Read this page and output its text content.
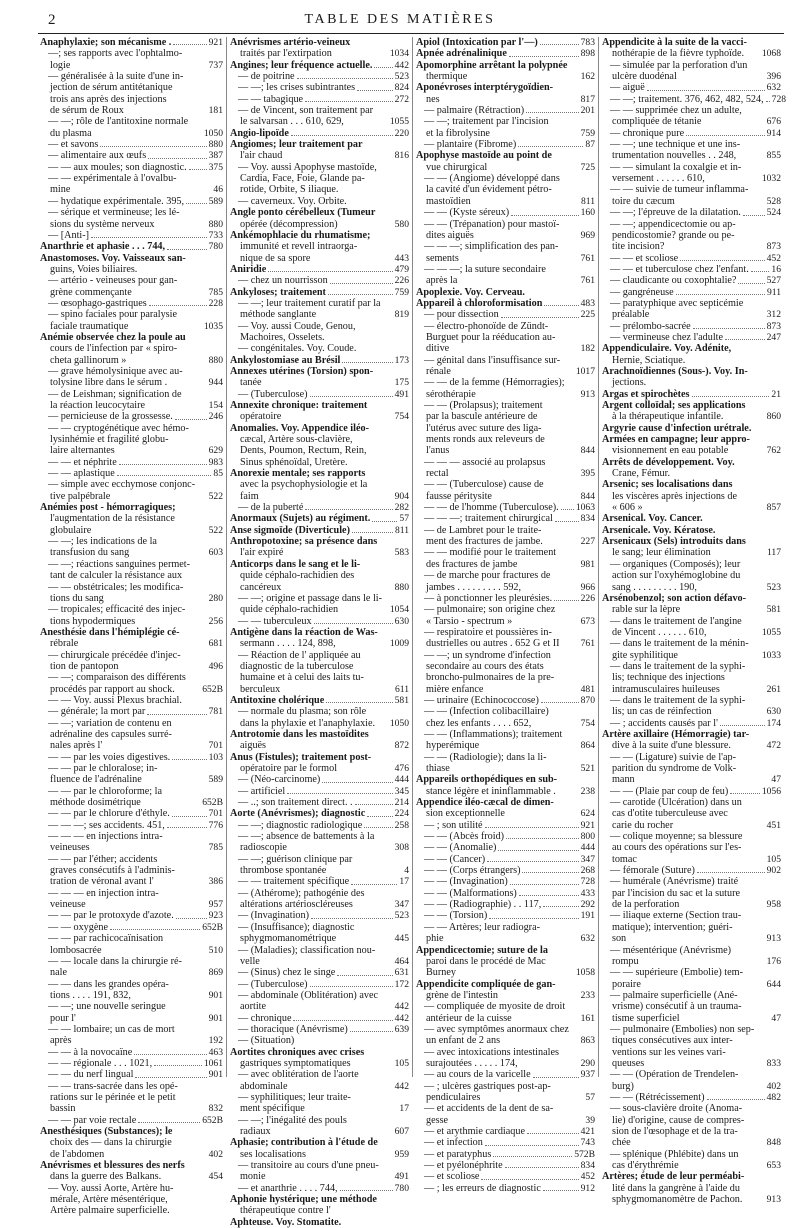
2	TABLE DES MATIÈRES
Anaphylaxie; son mécanisme .	921
—; ses rapports avec l'ophtalmo-
logie	737
— généralisée à la suite d'une in-
jection de sérum antitétanique
trois ans après des injections
de sérum de Roux	181
— —; rôle de l'antitoxine normale
du plasma	1050
— et savons	880
— alimentaire aux œufs	387
— — aux moules; son diagnostic. 375
— — expérimentale à l'ovalbu-
mine	46
— hydatique expérimentale. 395,	589
— sérique et vermineuse; les lé-
sions du système nerveux	880
— [Anti-]	733
Anarthrie et aphasie . . . 744,	780
Anastomoses. Voy. Vaisseaux san-
guins, Voies biliaires.
— artério - veineuses pour gan-
grène commençante	785
— œsophago-gastriques	228
— spino faciales pour paralysie
faciale traumatique	1035
Anémie observée chez la poule au
cours de l'infection par « spiro-
cheta gallinorum »	880
— grave hémolysinique avec au-
tolysine libre dans le sérum .	944
— de Leishman; signification de
la réaction leucocytaire	154
— pernicieuse de la grossesse.	246
— — cryptogénétique avec hémo-
lysinhémie et fragilité globu-
laire alternantes	629
— — et néphrite	983
— — aplastique	85
— simple avec ecchymose conjonc-
tive palpébrale	522
Anémies post - hémorragiques;
l'augmentation de la résistance
globulaire	522
— —; les indications de la
transfusion du sang	603
— —; réactions sanguines permet-
tant de calculer la résistance aux
— — obstétricales; les modifica-
tions du sang	280
— tropicales; efficacité des injec-
tions hypodermiques	256
Anesthésie dans l'hémiplégie cé-
rébrale	681
— chirurgicale précédée d'injec-
tion de pantopon	496
— —; comparaison des différents
procédés par rapport au shock.	652B
— — Voy. aussi Plexus brachial.
— générale; la mort par	781
— —; variation de contenu en
adrénaline des capsules surré-
nales après l'	701
— — par les voies digestives.	103
— — par le chloralose; in-
fluence de l'adrénaline	589
— — par le chloroforme; la
méthode dosimétrique	652B
— — par le chlorure d'éthyle.	701
— — —; ses accidents. 451,	776
— — — en injections intra-
veineuses	785
— — par l'éther; accidents
graves consécutifs à l'adminis-
tration de véronal avant l'	386
— — — en injection intra-
veineuse	957
— — par le protoxyde d'azote.	923
— — oxygène	652B
— — par rachicocaïnisation
lombosacrée	510
— — locale dans la chirurgie ré-
nale	869
— — dans les grandes opéra-
tions . . . . 191, 832,	901
— —; une nouvelle seringue
pour l'	901
— — lombaire; un cas de mort
après	192
— — à la novocaïne	463
— — régionale . . . 1021,	1061
— — du nerf lingual	901
— — trans-sacrée dans les opé-
rations sur le périnée et le petit
bassin	832
— — par voie rectale	652B
Anesthésiques (Substances); le
choix des — dans la chirurgie
de l'abdomen	402
Anévrismes et blessures des nerfs
dans la guerre des Balkans.	454
— Voy. aussi Aorte, Artère hu-
mérale, Artère mésentérique,
Artère palmaire superficielle.
Anévrismes artério-veineux
traités par l'extirpation	1034
Angines; leur fréquence actuelle. 442
— de poitrine	523
— —; les crises subintrantes	824
— — tabagique	272
— de Vincent, son traitement par
le salvarsan . . . 610, 629,	1055
Angio-lipoïde	220
Angiomes; leur traitement par
l'air chaud	816
— Voy. aussi Apophyse mastoïde,
Cardia, Face, Foie, Glande pa-
rotide, Orbite, S iliaque.
— caverneux. Voy. Orbite.
Angle ponto cérébelleux (Tumeur
opérée (décompression)	580
Ankémophlacie du rhumatisme;
immunité et revell intraorga-
nique de sa spore	443
Aniridie	479
— chez un nourrisson	226
Ankyloses; traitement	759
— —; leur traitement curatif par la
méthode sanglante	819
— Voy. aussi Coude, Genou,
Machoires, Osselets.
— congénitales. Voy. Coude.
Ankylostomiase au Brésil	173
Annexes utérines (Torsion) spon-
tanée	175
— (Tuberculose)	491
Annexite chronique: traitement
opératoire	754
Anomalies. Voy. Appendice iléo-
cæcal, Artère sous-clavière,
Dents, Poumon, Rectum, Rein,
Sinus sphénoïdal, Uretère.
Anorexie mentale; ses rapports
avec la psychophysiologie et la
faim	904
— de la puberté	282
Anormaux (Sujets) au régiment.	57
Anse sigmoïde (Diverticule)	811
Anthropotoxine; sa présence dans
l'air expiré	583
Anticorps dans le sang et le li-
quide céphalo-rachidien des
cancéreux	880
— —; origine et passage dans le li-
quide céphalo-rachidien	1054
— — tuberculeux	630
Antigène dans la réaction de Was-
sermann . . . . 124, 898,	1009
— Réaction de l' appliquée au
diagnostic de la tuberculose
humaine et à celui des laits tu-
berculeux	611
Antitoxine cholérique	581
— normale du plasma; son rôle
dans la phylaxie et l'anaphylaxie. 1050
Antrotomie dans les mastoïdites
aiguës	872
Anus (Fistules); traitement post-
opératoire par le formol	476
— (Néo-carcinome)	444
— artificiel	345
— ..; son traitement direct. .	214
Aorte (Anévrismes); diagnostic	224
— —; diagnostic radiologique	258
— —; absence de battements à la
radioscopie	308
— —; guérison clinique par
thrombose spontanée	4
— — traitement spécifique	17
— (Athérome); pathogénie des
altérations artérioscléreuses	347
— (Invagination)	523
— (Insuffisance); diagnostic
sphygmomanométrique	445
— (Maladies); classification nou-
velle	464
— (Sinus) chez le singe	631
— (Tuberculose)	172
— abdominale (Oblitération) avec
aortite	442
— chronique	442
— thoracique (Anévrisme)	639
— (Situation)
Aortites chroniques avec crises
gastriques symptomatiques	105
— avec oblitération de l'aorte
abdominale	442
— syphilitiques; leur traite-
ment spécifique	17
— —; l'inégalité des pouls
radiaux	607
Aphasie; contribution à l'étude de
ses localisations	959
— transitoire au cours d'une pneu-
monie	491
— et anarthrie . . . . 744,	780
Aphonie hystérique; une méthode
thérapeutique contre l'
Aphteuse. Voy. Stomatite.
Apiol (Intoxication par l'—)	783
Apnée adrénalinique	898
Apomorphine arrêtant la polypnée
thermique	162
Aponévroses interptérygoïdien-
nes	817
— palmaire (Rétraction)	201
— —; traitement par l'incision
et la fibrolysine	759
— plantaire (Fibrome)	87
Apophyse mastoïde au point de
vue chirurgical	725
— — (Angiome) développé dans
la cavité d'un évidement pétro-
mastoïdien	811
— — (Kyste séreux)	160
— — (Trépanation) pour mastoï-
dites aiguës	969
— — —; simplification des pan-
sements	761
— — —; la suture secondaire
après la	761
Apoplexie. Voy. Cerveau.
Appareil à chloroformisation	483
— pour dissection	225
— électro-phonoïde de Zündt-
Burguet pour la rééducation au-
ditive	182
— génital dans l'insuffisance sur-
rénale	1017
— — de la femme (Hémorragies);
sérothérapie	913
— — (Prolapsus); traitement
par la bascule antérieure de
l'utérus avec suture des liga-
ments ronds aux releveurs de
l'anus	844
— — — associé au prolapsus
rectal	395
— — (Tuberculose) cause de
fausse péritysite	844
— — de l'homme (Tuberculose). 1063
— — —; traitement chirurgical	834
— de Lambret pour le traite-
ment des fractures de jambe.	227
— — modifié pour le traitement
des fractures de jambe	981
— de marche pour fractures de
jambes . . . . . . . . . 592,	966
— à ponctionner les pleurésies.	226
— pulmonaire; son origine chez
« Tarsio - spectrum »	673
— respiratoire et poussières in-
dustrielles ou autres . 652 G et II 761
— —; un syndrome d'infection
secondaire au cours des états
broncho-pulmonaires de la pre-
mière enfance	481
— urinaire (Echinococcose)	870
— — (Infection colibacillaire)
chez les enfants . . . . 652,	754
— — (Inflammations); traitement
hyperémique	864
— — (Radiologie); dans la li-
thiase	521
Appareils orthopédiques en sub-
stance légère et ininflammable .	238
Appendice iléo-cæcal de dimen-
sion exceptionnelle	624
— ; son utilité	921
— — (Abcès froid)	800
— — (Anomalie)	444
— — (Cancer)	347
— — (Corps étrangers)	268
— — (Invagination)	728
— — (Malformations)	433
— — (Radiographie) . . 117,	292
— — (Torsion)	191
— — Artères; leur radiogra-
phie	632
Appendicectomie; suture de la
paroi dans le procédé de Mac
Burney	1058
Appendicite compliquée de gan-
grène de l'intestin	233
— compliquée de myosite de droit
antérieur de la cuisse	161
— avec symptômes anormaux chez
un enfant de 2 ans	863
— avec intoxications intestinales
surajoutées . . . . . 174,	290
— au cours de la varicelle	937
— ; ulcères gastriques post-ap-
pendiculaires	57
— et accidents de la dent de sa-
gesse	39
— et arythmie cardiaque	421
— et infection	743
— et paratyphus	572B
— et pyélonéphrite	834
— et scoliose	452
— ; les erreurs de diagnostic	912
Appendicite à la suite de la vacci-
nothérapie de la fièvre typhoïde. 1068
— simulée par la perforation d'un
ulcère duodénal	396
— aiguë	632
— —; traitement. 376, 462, 482, 524, 728
— — supprimée chez un adulte,
compliquée de tétanie	676
— chronique pure	914
— —; une technique et une ins-
trumentation nouvelles . . 248,	855
— — simulant la coxalgie et in-
versement . . . . . . 610,	1032
— — suivie de tumeur inflamma-
toire du cæcum	528
— —; l'épreuve de la dilatation.	524
— —; appendicectomie ou ap-
pendicostomie? grande ou pe-
tite incision?	873
— — et scoliose	452
— — et tuberculose chez l'enfant. 16
— claudicante ou coxophtalie?	527
— gangréneuse	911
— paratyphique avec septicémie
préalable	312
— prélombo-sacrée	873
— vermineuse chez l'adulte	247
Appendiculaire. Voy. Adénite,
Hernie, Sciatique.
Arachnoïdiennes (Sous-). Voy. In-
jections.
Argas et spirochètes	21
Argent colloïdal; ses applications
à la thérapeutique infantile.	860
Argyrie cause d'infection urétrale.
Armées en campagne; leur appro-
visionnement en eau potable	762
Arrêts de développement. Voy.
Crane, Fémur.
Arsenic; ses localisations dans
les viscères après injections de
« 606 »	857
Arsenical. Voy. Cancer.
Arsenicale. Voy. Kératose.
Arsenicaux (Sels) introduits dans
le sang; leur élimination	117
— organiques (Composés); leur
action sur l'oxyhémoglobine du
sang . . . . . . . . . 190,	523
Arsénobenzol; son action défavo-
rable sur la lèpre	581
— dans le traitement de l'angine
de Vincent . . . . . . 610,	1055
— dans le traitement de la ménin-
gite syphilitique	1033
— dans le traitement de la syphi-
lis; technique des injections
intramusculaires huileuses	261
— dans le traitement de la syphi-
lis; un cas de réinfection	630
— ; accidents causés par l'	174
Artère axillaire (Hémorragie) tar-
dive à la suite d'une blessure.	472
— — (Ligature) suivie de l'ap-
parition du syndrome de Volk-
mann	47
— — (Plaie par coup de feu)	1056
— carotide (Ulcération) dans un
cas d'otite tuberculeuse avec
carie du rocher	451
— colique moyenne; sa blessure
au cours des opérations sur l'es-
tomac	105
— fémorale (Suture)	902
— humérale (Anévrisme) traité
par l'incision du sac et la suture
de la perforation	958
— iliaque externe (Section trau-
matique); intervention; guéri-
son	913
— mésentérique (Anévrisme)
rompu	176
— — supérieure (Embolie) tem-
poraire	644
— palmaire superficielle (Ané-
vrisme) consécutif à un trauma-
tisme superficiel	47
— pulmonaire (Embolies) non sep-
tiques consécutives aux inter-
ventions sur les veines vari-
queuses	833
— — (Opération de Trendelen-
burg)	402
— — (Rétrécissement)	482
— sous-clavière droite (Anoma-
lie) d'origine, cause de compres-
sion de l'œsophage et de la tra-
chée	848
— splénique (Phlébite) dans un
cas d'érythrémie	653
Artères; étude de leur perméabi-
lité dans la gangrène à l'aide du
sphygmomanomètre de Pachon.	913
